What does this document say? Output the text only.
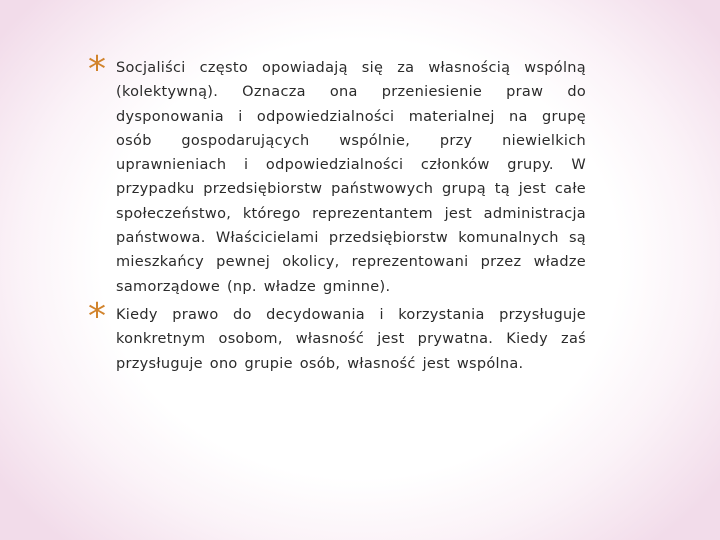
* Socjaliści często opowiadają się za własnością wspólną (kolektywną). Oznacza ona przeniesienie praw do dysponowania i odpowiedzialności materialnej na grupę osób gospodarujących wspólnie, przy niewielkich uprawnieniach i odpowiedzialności członków grupy. W przypadku przedsiębiorstw państwowych grupą tą jest całe społeczeństwo, którego reprezentantem jest administracja państwowa. Właścicielami przedsiębiorstw komunalnych są mieszkańcy pewnej okolicy, reprezentowani przez władze samorządowe (np. władze gminne).
* Kiedy prawo do decydowania i korzystania przysługuje konkretnym osobom, własność jest prywatna. Kiedy zaś przysługuje ono grupie osób, własność jest wspólna.
